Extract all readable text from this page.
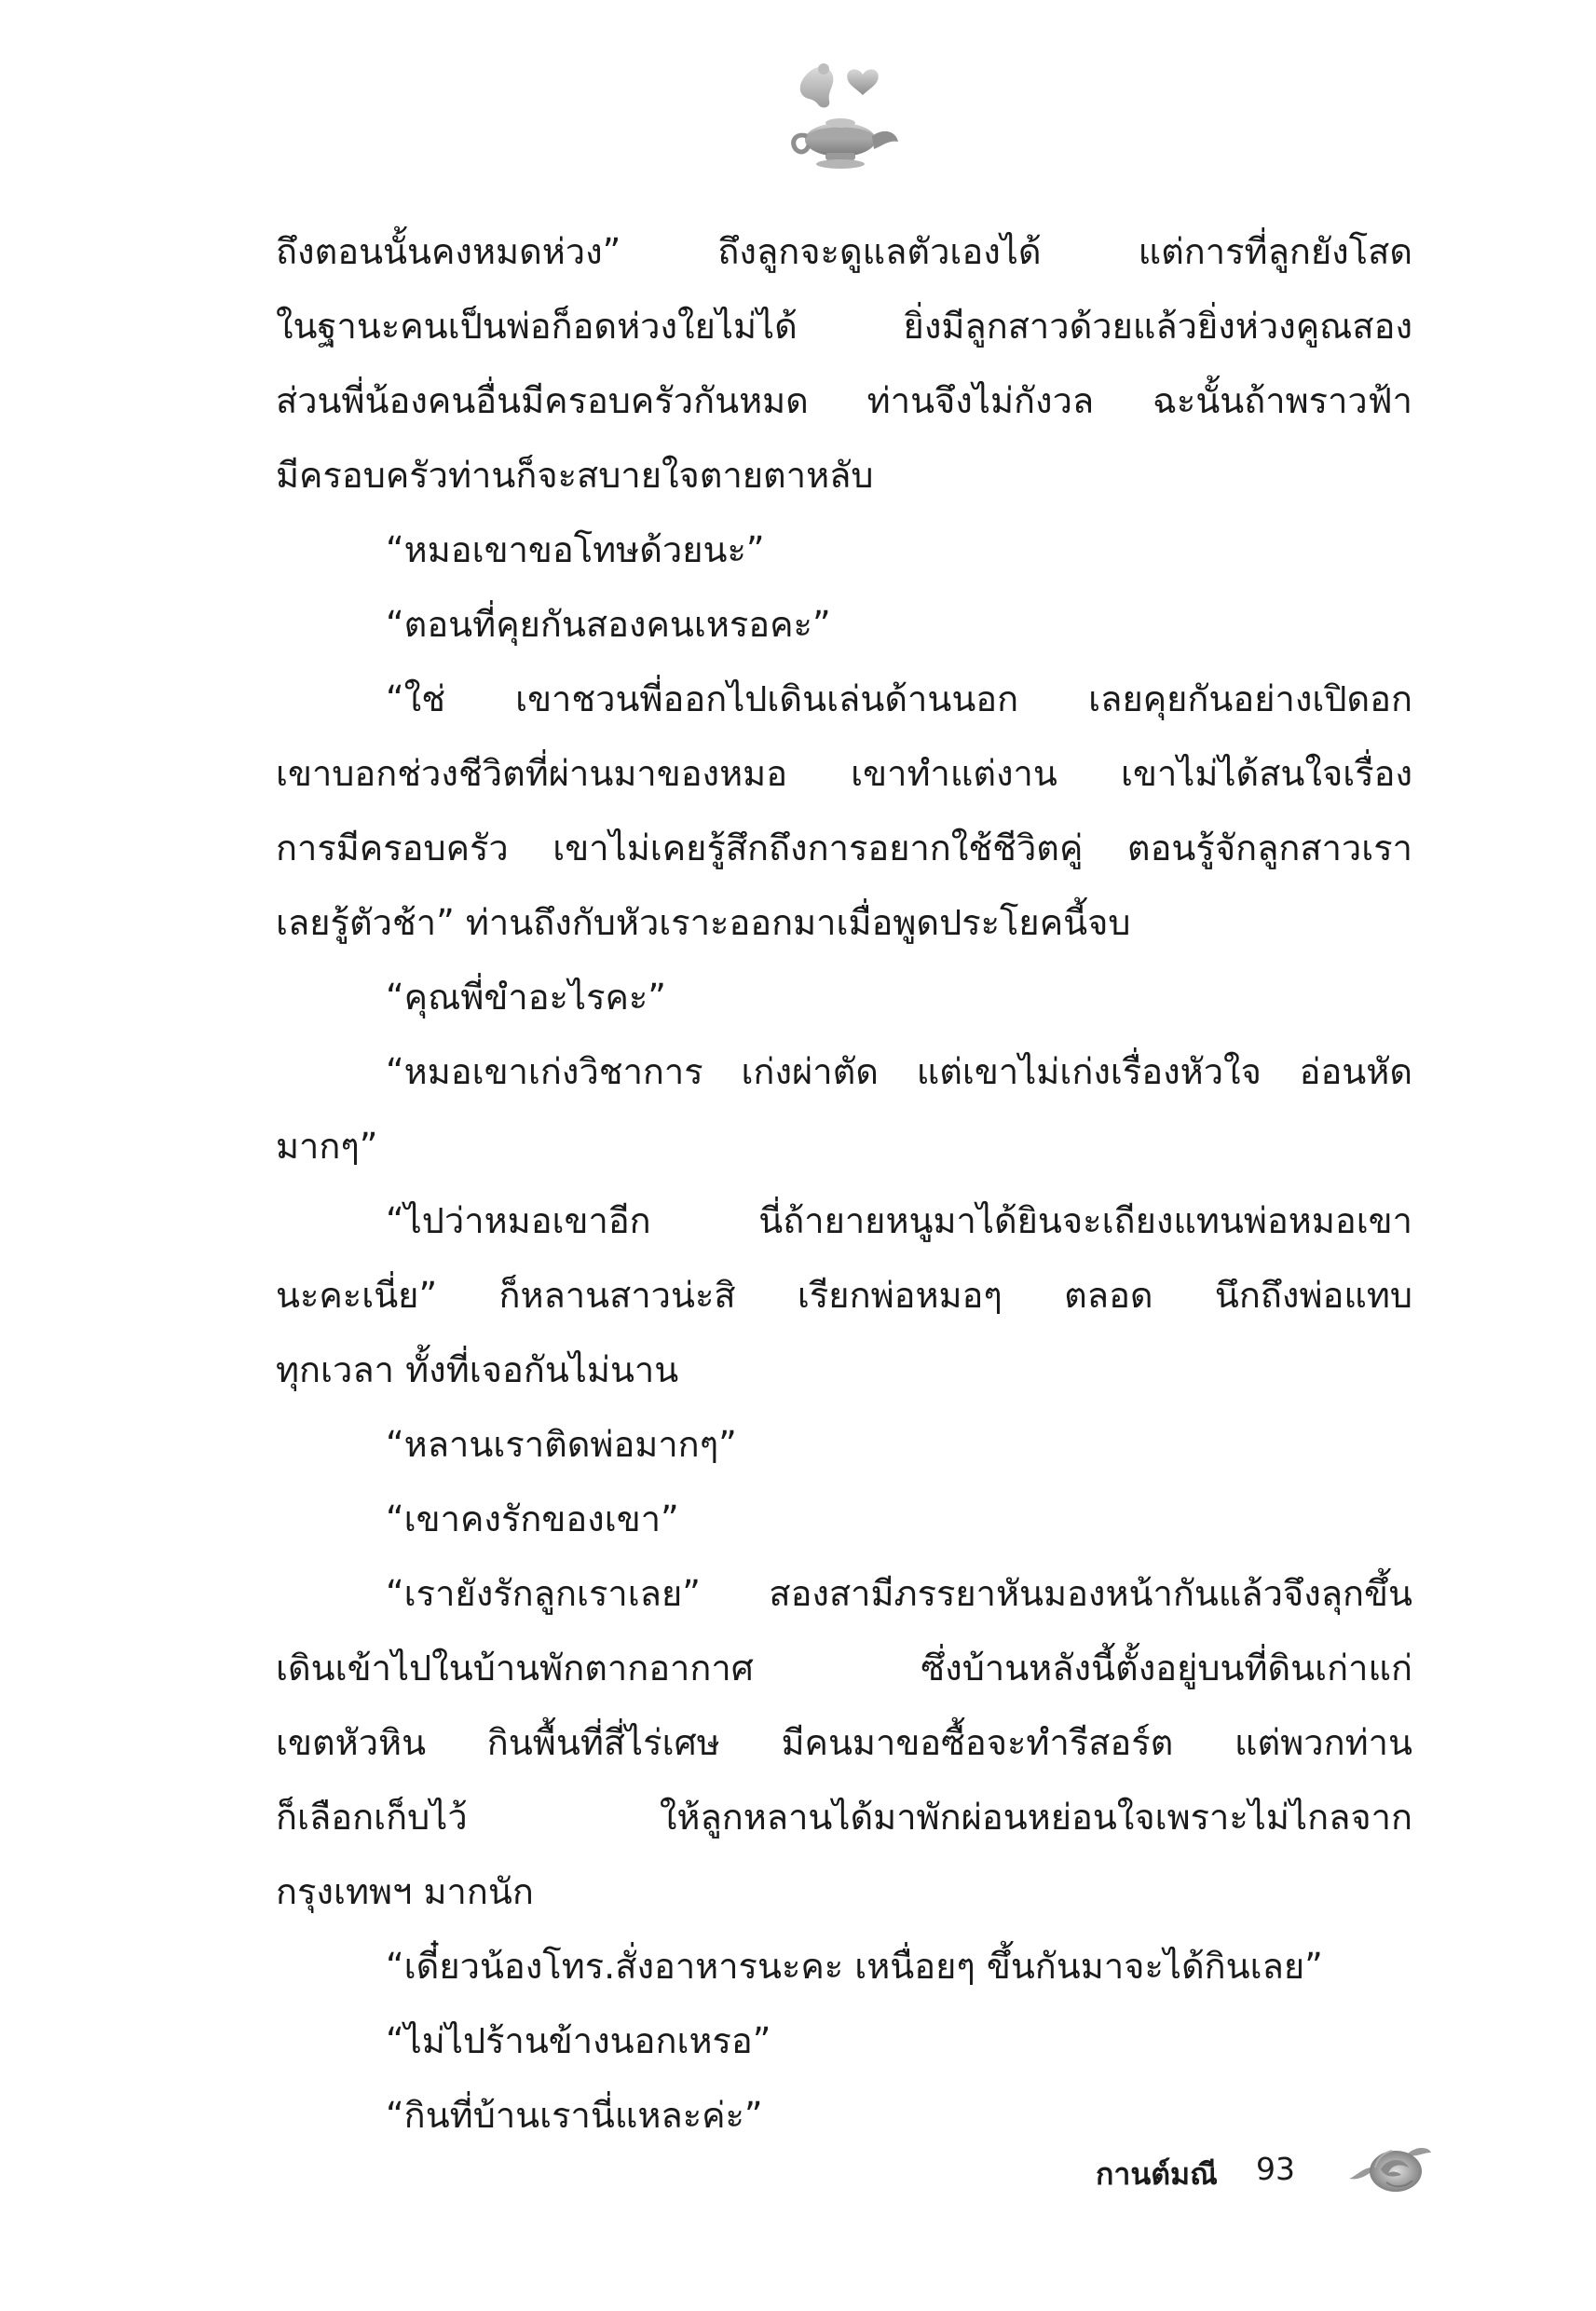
ถึงตอนนั้นคงหมดห่วง” ถึงลูกจะดูแลตัวเองได้ แต่การที่ลูกยังโสด
ในฐานะคนเป็นพ่อก็อดห่วงใยไม่ได้ ยิ่งมีลูกสาวด้วยแล้วยิ่งห่วงคูณสอง
ส่วนพี่น้องคนอื่นมีครอบครัวกันหมด ท่านจึงไม่กังวล ฉะนั้นถ้าพราวฟ้า
มีครอบครัวท่านก็จะสบายใจตายตาหลับ
“หมอเขาขอโทษด้วยนะ”
“ตอนที่คุยกันสองคนเหรอคะ”
“ใช่ เขาชวนพี่ออกไปเดินเล่นด้านนอก เลยคุยกันอย่างเปิดอก
เขาบอกช่วงชีวิตที่ผ่านมาของหมอ เขาทำแต่งาน เขาไม่ได้สนใจเรื่อง
การมีครอบครัว เขาไม่เคยรู้สึกถึงการอยากใช้ชีวิตคู่ ตอนรู้จักลูกสาวเรา
เลยรู้ตัวช้า” ท่านถึงกับหัวเราะออกมาเมื่อพูดประโยคนี้จบ
“คุณพี่ขำอะไรคะ”
“หมอเขาเก่งวิชาการ เก่งผ่าตัด แต่เขาไม่เก่งเรื่องหัวใจ อ่อนหัด
มากๆ”
“ไปว่าหมอเขาอีก นี่ถ้ายายหนูมาได้ยินจะเถียงแทนพ่อหมอเขา
นะคะเนี่ย” ก็หลานสาวน่ะสิ เรียกพ่อหมอๆ ตลอด นึกถึงพ่อแทบ
ทุกเวลา ทั้งที่เจอกันไม่นาน
“หลานเราติดพ่อมากๆ”
“เขาคงรักของเขา”
“เรายังรักลูกเราเลย” สองสามีภรรยาหันมองหน้ากันแล้วจึงลุกขึ้น
เดินเข้าไปในบ้านพักตากอากาศ ซึ่งบ้านหลังนี้ตั้งอยู่บนที่ดินเก่าแก่
เขตหัวหิน กินพื้นที่สี่ไร่เศษ มีคนมาขอซื้อจะทำรีสอร์ต แต่พวกท่าน
ก็เลือกเก็บไว้ ให้ลูกหลานได้มาพักผ่อนหย่อนใจเพราะไม่ไกลจาก
กรุงเทพฯ มากนัก
“เดี๋ยวน้องโทร.สั่งอาหารนะคะ เหนื่อยๆ ขึ้นกันมาจะได้กินเลย”
“ไม่ไปร้านข้างนอกเหรอ”
“กินที่บ้านเรานี่แหละค่ะ”
กานต์มณี 93
